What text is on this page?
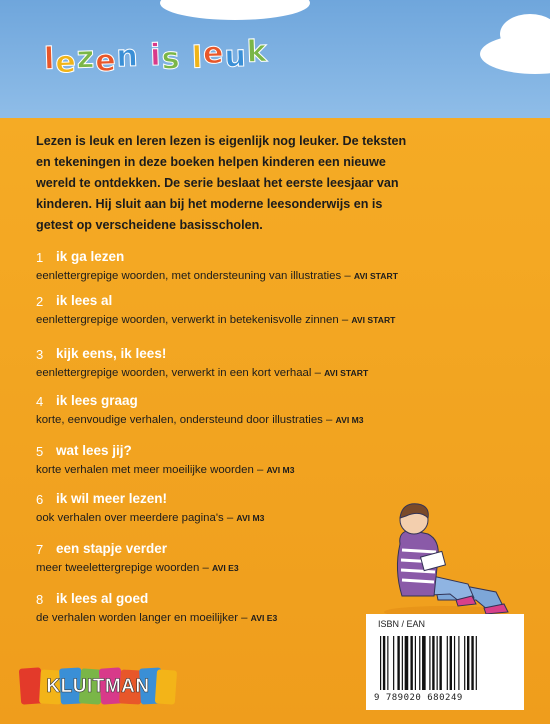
lezen is leuk
Lezen is leuk en leren lezen is eigenlijk nog leuker. De teksten
en tekeningen in deze boeken helpen kinderen een nieuwe
wereld te ontdekken. De serie beslaat het eerste leesjaar van
kinderen. Hij sluit aan bij het moderne leesonderwijs en is
getest op verscheidene basisscholen.
1 ik ga lezen
eenlettergrepige woorden, met ondersteuning van illustraties – AVI START
2 ik lees al
eenlettergrepige woorden, verwerkt in betekenisvolle zinnen – AVI START
3 kijk eens, ik lees!
eenlettergrepige woorden, verwerkt in een kort verhaal – AVI START
4 ik lees graag
korte, eenvoudige verhalen, ondersteund door illustraties – AVI M3
5 wat lees jij?
korte verhalen met meer moeilijke woorden – AVI M3
6 ik wil meer lezen!
ook verhalen over meerdere pagina's – AVI M3
7 een stapje verder
meer tweelettergrepige woorden – AVI E3
8 ik lees al goed
de verhalen worden langer en moeilijker – AVI E3
ISBN / EAN
9 789020 680249
KLUITMAN
